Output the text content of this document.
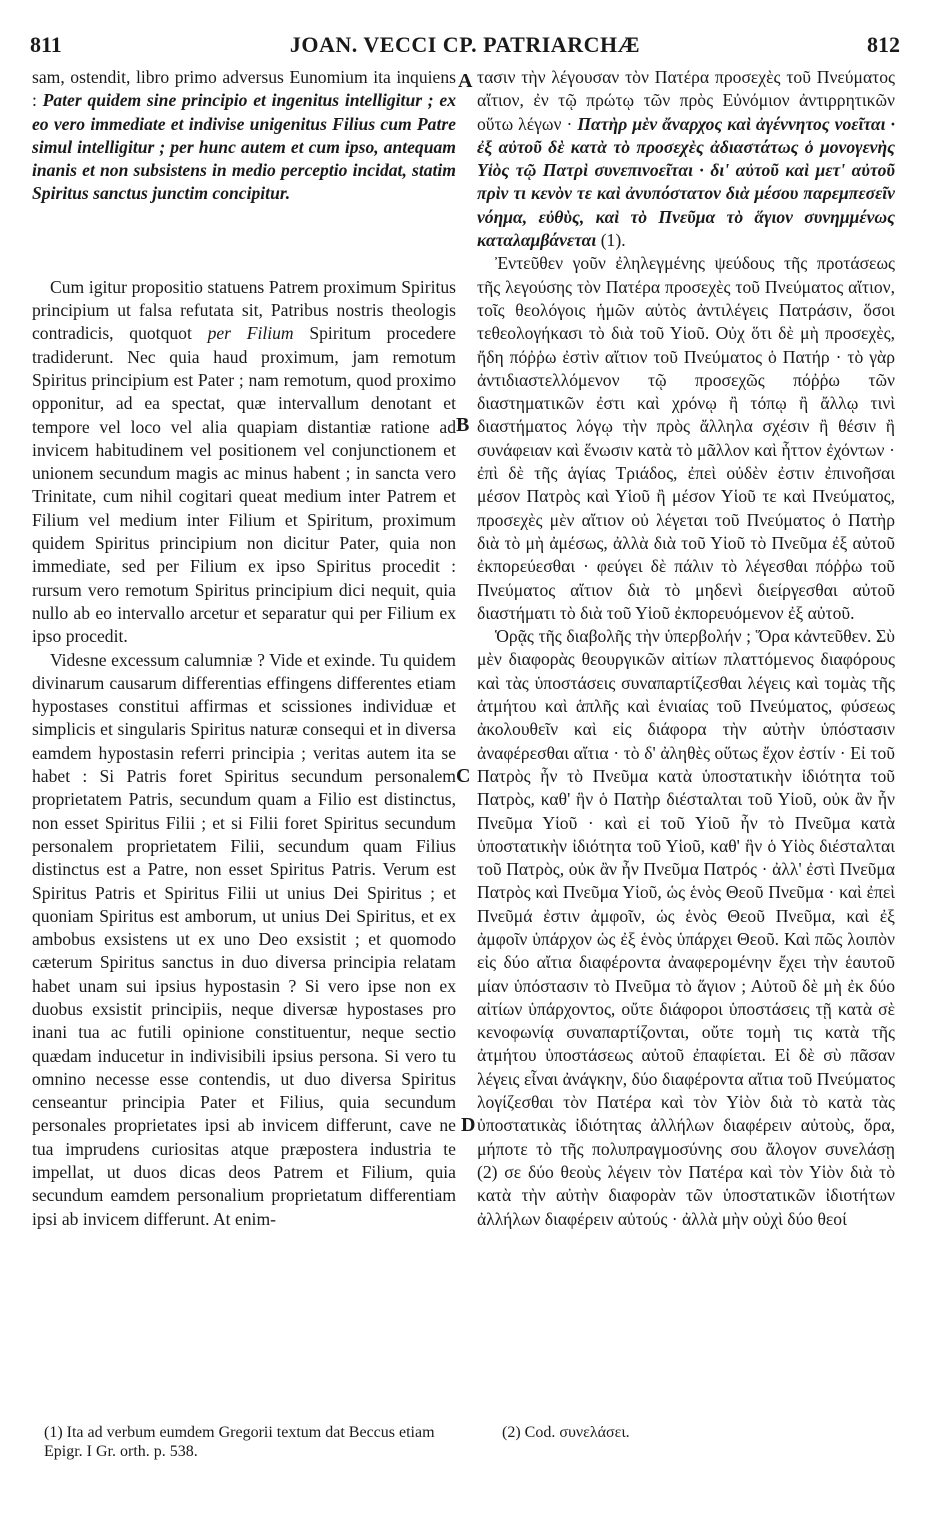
811	JOAN. VECCI CP. PATRIARCHÆ	812

sam, ostendit, libro primo adversus Eunomium ita inquiens : Pater quidem sine principio et ingenitus intelligitur ; ex eo vero immediate et indivise unigenitus Filius cum Patre simul intelligitur ; per hunc autem et cum ipso, antequam inanis et non subsistens in medio perceptio incidat, statim Spiritus sanctus junctim concipitur.

Cum igitur propositio statuens Patrem proximum Spiritus principium ut falsa refutata sit, Patribus nostris theologis contradicis, quotquot per Filium Spiritum procedere tradiderunt. Nec quia haud proximum, jam remotum Spiritus principium est Pater ; nam remotum, quod proximo opponitur, ad ea spectat, quæ intervallum denotant et tempore vel loco vel alia quapiam distantiæ ratione ad invicem habitudinem vel positionem vel conjunctionem et unionem secundum magis ac minus habent ; in sancta vero Trinitate, cum nihil cogitari queat medium inter Patrem et Filium vel medium inter Filium et Spiritum, proximum quidem Spiritus principium non dicitur Pater, quia non immediate, sed per Filium ex ipso Spiritus procedit : rursum vero remotum Spiritus principium dici nequit, quia nullo ab eo intervallo arcetur et separatur qui per Filium ex ipso procedit.

Videsne excessum calumniæ ? Vide et exinde. Tu quidem divinarum causarum differentias effingens differentes etiam hypostases constitui affirmas et scissiones individuæ et simplicis et singularis Spiritus naturæ consequi et in diversa eamdem hypostasin referri principia ; veritas autem ita se habet : Si Patris foret Spiritus secundum personalem proprietatem Patris, secundum quam a Filio est distinctus, non esset Spiritus Filii ; et si Filii foret Spiritus secundum personalem proprietatem Filii, secundum quam Filius distinctus est a Patre, non esset Spiritus Patris. Verum est Spiritus Patris et Spiritus Filii ut unius Dei Spiritus ; et quoniam Spiritus est amborum, ut unius Dei Spiritus, et ex ambobus exsistens ut ex uno Deo exsistit ; et quomodo cæterum Spiritus sanctus in duo diversa principia relatam habet unam sui ipsius hypostasin ? Si vero ipse non ex duobus exsistit principiis, neque diversæ hypostases pro inani tua ac futili opinione constituentur, neque sectio quædam inducetur in indivisibili ipsius persona. Si vero tu omnino necesse esse contendis, ut duo diversa Spiritus censeantur principia Pater et Filius, quia secundum personales proprietates ipsi ab invicem differunt, cave ne tua imprudens curiositas atque præpostera industria te impellat, ut duos dicas deos Patrem et Filium, quia secundum eamdem personalium proprietatum differentiam ipsi ab invicem differunt. At enim-

A
B
C
D

τασιν τὴν λέγουσαν τὸν Πατέρα προσεχὲς τοῦ Πνεύματος αἴτιον, ἐν τῷ πρώτῳ τῶν πρὸς Εὐνόμιον ἀντιρρητικῶν οὕτω λέγων · Πατὴρ μὲν ἄναρχος καὶ ἀγέννητος νοεῖται · ἐξ αὐτοῦ δὲ κατὰ τὸ προσεχὲς ἀδιαστάτως ὁ μονογενὴς Υἱὸς τῷ Πατρὶ συνεπινοεῖται · δι' αὐτοῦ καὶ μετ' αὐτοῦ πρὶν τι κενὸν τε καὶ ἀνυπόστατον διὰ μέσου παρεμπεσεῖν νόημα, εὐθὺς, καὶ τὸ Πνεῦμα τὸ ἅγιον συνημμένως καταλαμβάνεται (1).

Ἐντεῦθεν γοῦν ἐληλεγμένης ψεύδους τῆς προτάσεως τῆς λεγούσης τὸν Πατέρα προσεχὲς τοῦ Πνεύματος αἴτιον, τοῖς θεολόγοις ἡμῶν αὐτὸς ἀντιλέγεις Πατράσιν, ὅσοι τεθεολογήκασι τὸ διὰ τοῦ Υἱοῦ. Οὐχ ὅτι δὲ μὴ προσεχὲς, ἤδη πόῤῥω ἐστὶν αἴτιον τοῦ Πνεύματος ὁ Πατήρ · τὸ γὰρ ἀντιδιαστελλόμενον τῷ προσεχῶς πόῤῥω τῶν διαστηματικῶν ἐστι καὶ χρόνῳ ἢ τόπῳ ἢ ἄλλῳ τινὶ διαστήματος λόγῳ τὴν πρὸς ἄλληλα σχέσιν ἢ θέσιν ἢ συνάφειαν καὶ ἕνωσιν κατὰ τὸ μᾶλλον καὶ ἧττον ἐχόντων · ἐπὶ δὲ τῆς ἁγίας Τριάδος, ἐπεὶ οὐδὲν ἐστιν ἐπινοῆσαι μέσον Πατρὸς καὶ Υἱοῦ ἢ μέσον Υἱοῦ τε καὶ Πνεύματος, προσεχὲς μὲν αἴτιον οὐ λέγεται τοῦ Πνεύματος ὁ Πατὴρ διὰ τὸ μὴ ἀμέσως, ἀλλὰ διὰ τοῦ Υἱοῦ τὸ Πνεῦμα ἐξ αὐτοῦ ἐκπορεύεσθαι · φεύγει δὲ πάλιν τὸ λέγεσθαι πόῤῥω τοῦ Πνεύματος αἴτιον διὰ τὸ μηδενὶ διείργεσθαι αὐτοῦ διαστήματι τὸ διὰ τοῦ Υἱοῦ ἐκπορευόμενον ἐξ αὐτοῦ.

Ὁρᾷς τῆς διαβολῆς τὴν ὑπερβολήν ; Ὅρα κἀντεῦθεν. Σὺ μὲν διαφορὰς θεουργικῶν αἰτίων πλαττόμενος διαφόρους καὶ τὰς ὑποστάσεις συναπαρτίζεσθαι λέγεις καὶ τομὰς τῆς ἀτμήτου καὶ ἁπλῆς καὶ ἑνιαίας τοῦ Πνεύματος, φύσεως ἀκολουθεῖν καὶ εἰς διάφορα τὴν αὐτὴν ὑπόστασιν ἀναφέρεσθαι αἴτια · τὸ δ' ἀληθὲς οὕτως ἔχον ἐστίν · Εἰ τοῦ Πατρὸς ἦν τὸ Πνεῦμα κατὰ ὑποστατικὴν ἰδιότητα τοῦ Πατρὸς, καθ' ἣν ὁ Πατὴρ διέσταλται τοῦ Υἱοῦ, οὐκ ἂν ἦν Πνεῦμα Υἱοῦ · καὶ εἰ τοῦ Υἱοῦ ἦν τὸ Πνεῦμα κατὰ ὑποστατικὴν ἰδιότητα τοῦ Υἱοῦ, καθ' ἣν ὁ Υἱὸς διέσταλται τοῦ Πατρὸς, οὐκ ἂν ἦν Πνεῦμα Πατρός · ἀλλ' ἐστὶ Πνεῦμα Πατρὸς καὶ Πνεῦμα Υἱοῦ, ὡς ἑνὸς Θεοῦ Πνεῦμα · καὶ ἐπεὶ Πνεῦμά ἐστιν ἀμφοῖν, ὡς ἑνὸς Θεοῦ Πνεῦμα, καὶ ἐξ ἀμφοῖν ὑπάρχον ὡς ἐξ ἑνὸς ὑπάρχει Θεοῦ. Καὶ πῶς λοιπὸν εἰς δύο αἴτια διαφέροντα ἀναφερομένην ἔχει τὴν ἑαυτοῦ μίαν ὑπόστασιν τὸ Πνεῦμα τὸ ἅγιον ; Αὐτοῦ δὲ μὴ ἐκ δύο αἰτίων ὑπάρχοντος, οὔτε διάφοροι ὑποστάσεις τῇ κατὰ σὲ κενοφωνίᾳ συναπαρτίζονται, οὔτε τομὴ τις κατὰ τῆς ἀτμήτου ὑποστάσεως αὐτοῦ ἐπαφίεται. Εἰ δὲ σὺ πᾶσαν λέγεις εἶναι ἀνάγκην, δύο διαφέροντα αἴτια τοῦ Πνεύματος λογίζεσθαι τὸν Πατέρα καὶ τὸν Υἱὸν διὰ τὸ κατὰ τὰς ὑποστατικὰς ἰδιότητας ἀλλήλων διαφέρειν αὐτοὺς, ὅρα, μήποτε τὸ τῆς πολυπραγμοσύνης σου ἄλογον συνελάσῃ (2) σε δύο θεοὺς λέγειν τὸν Πατέρα καὶ τὸν Υἱὸν διὰ τὸ κατὰ τὴν αὐτὴν διαφορὰν τῶν ὑποστατικῶν ἰδιοτήτων ἀλλήλων διαφέρειν αὐτούς · ἀλλὰ μὴν οὐχὶ δύο θεοί

(1) Ita ad verbum eumdem Gregorii textum dat Beccus etiam Epigr. I Gr. orth. p. 538.
(2) Cod. συνελάσει.
